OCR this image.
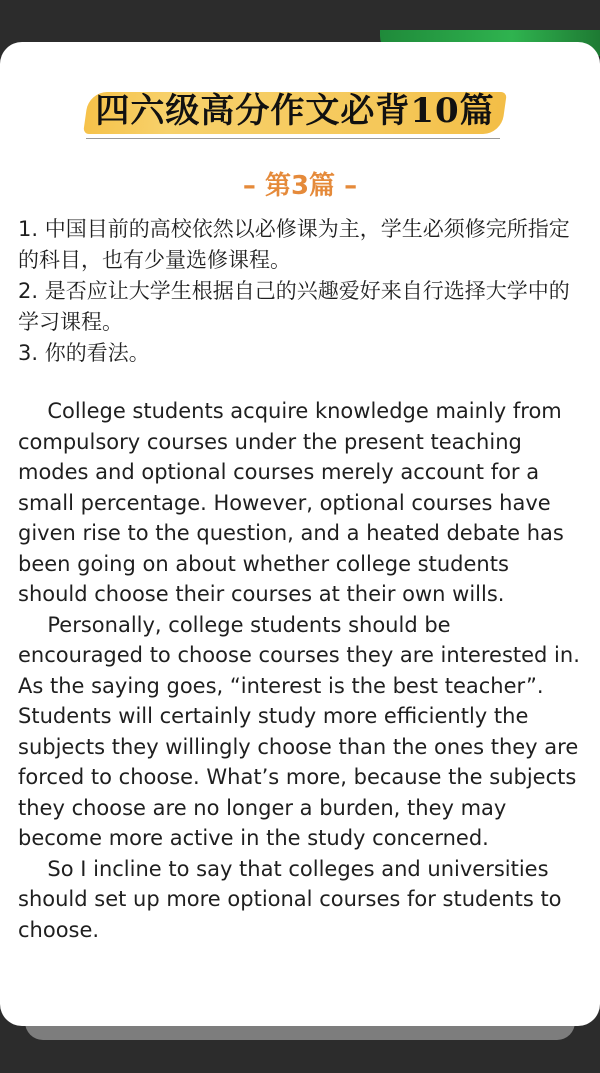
四六级高分作文必背10篇
– 第3篇 –
1. 中国目前的高校依然以必修课为主，学生必须修完所指定的科目，也有少量选修课程。
2. 是否应让大学生根据自己的兴趣爱好来自行选择大学中的学习课程。
3. 你的看法。

College students acquire knowledge mainly from compulsory courses under the present teaching modes and optional courses merely account for a small percentage. However, optional courses have given rise to the question, and a heated debate has been going on about whether college students should choose their courses at their own wills.

Personally, college students should be encouraged to choose courses they are interested in. As the saying goes, “interest is the best teacher”. Students will certainly study more efficiently the subjects they willingly choose than the ones they are forced to choose. What’s more, because the subjects they choose are no longer a burden, they may become more active in the study concerned.

So I incline to say that colleges and universities should set up more optional courses for students to choose.
